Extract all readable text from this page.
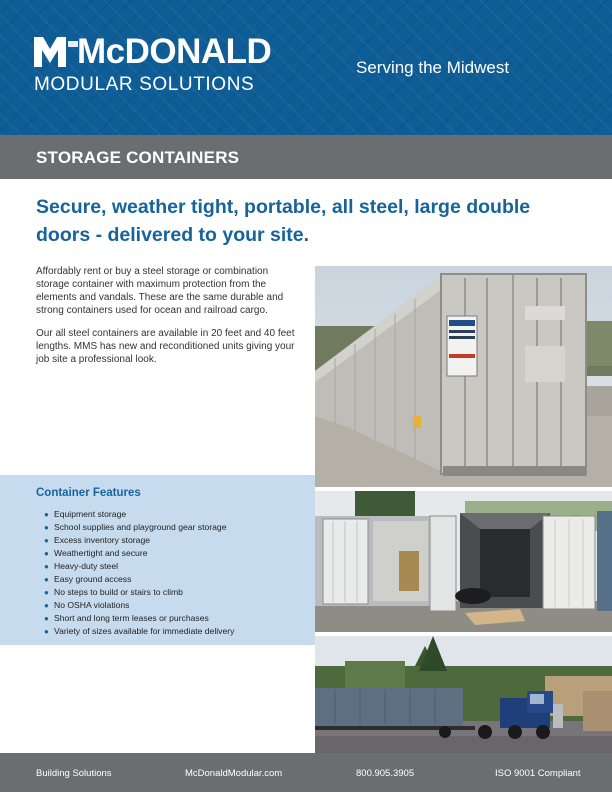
McDONALD
MODULAR SOLUTIONS
Serving the Midwest
STORAGE CONTAINERS
Secure, weather tight, portable, all steel, large double doors - delivered to your site.

Affordably rent or buy a steel storage or combination storage container with maximum protection from the elements and vandals. These are the same durable and strong containers used for ocean and railroad cargo.

Our all steel containers are available in 20 feet and 40 feet lengths. MMS has new and reconditioned units giving your job site a professional look.

Container Features
● Equipment storage
● School supplies and playground gear storage
● Excess inventory storage
● Weathertight and secure
● Heavy-duty steel
● Easy ground access
● No steps to build or stairs to climb
● No OSHA violations
● Short and long term leases or purchases
● Variety of sizes available for immediate delivery
Building Solutions	McDonaldModular.com	800.905.3905	ISO 9001 Compliant
